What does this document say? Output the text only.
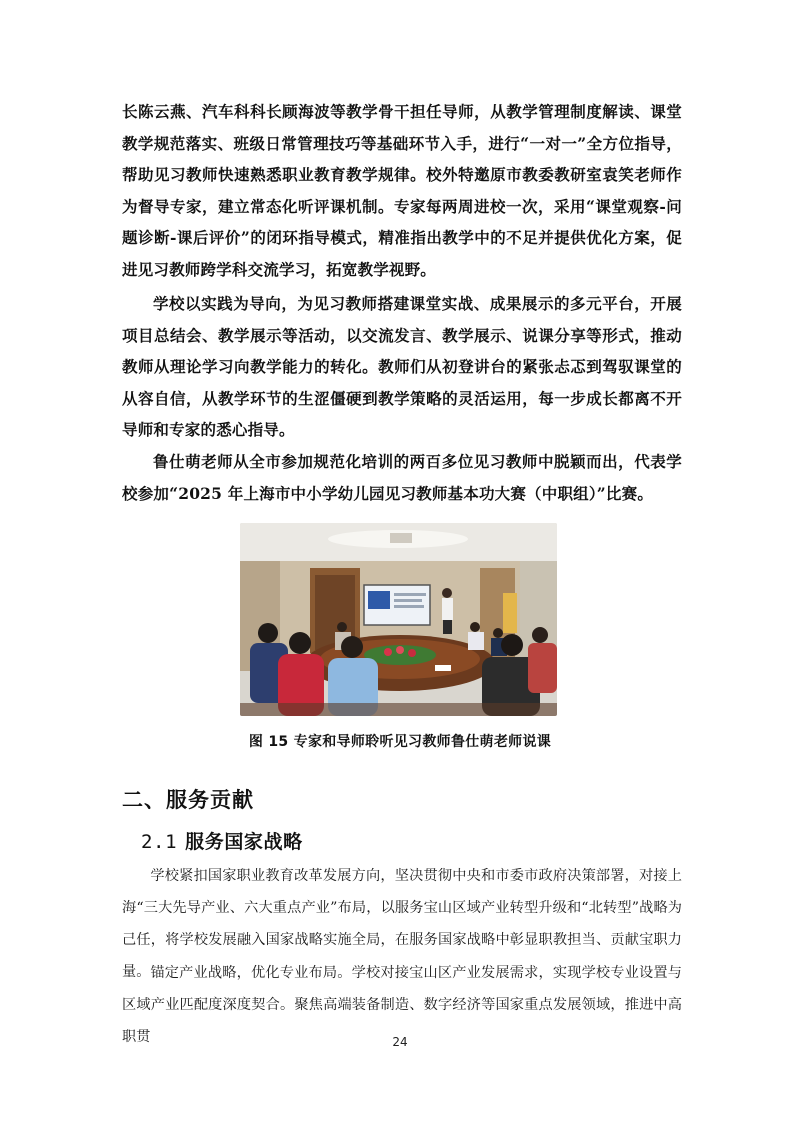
长陈云燕、汽车科科长顾海波等教学骨干担任导师，从教学管理制度解读、课堂教学规范落实、班级日常管理技巧等基础环节入手，进行“一对一”全方位指导，帮助见习教师快速熟悉职业教育教学规律。校外特邀原市教委教研室袁笑老师作为督导专家，建立常态化听评课机制。专家每两周进校一次，采用“课堂观察-问题诊断-课后评价”的闭环指导模式，精准指出教学中的不足并提供优化方案，促进见习教师跨学科交流学习，拓宽教学视野。

学校以实践为导向，为见习教师搭建课堂实战、成果展示的多元平台，开展项目总结会、教学展示等活动，以交流发言、教学展示、说课分享等形式，推动教师从理论学习向教学能力的转化。教师们从初登讲台的紧张忐忑到驾驭课堂的从容自信，从教学环节的生涩僵硬到教学策略的灵活运用，每一步成长都离不开导师和专家的悉心指导。

鲁仕萌老师从全市参加规范化培训的两百多位见习教师中脱颖而出，代表学校参加“2025 年上海市中小学幼儿园见习教师基本功大赛（中职组）”比赛。

图 15 专家和导师聆听见习教师鲁仕萌老师说课
二、服务贡献
2.1 服务国家战略

学校紧扣国家职业教育改革发展方向，坚决贯彻中央和市委市政府决策部署，对接上海“三大先导产业、六大重点产业”布局，以服务宝山区域产业转型升级和“北转型”战略为己任，将学校发展融入国家战略实施全局，在服务国家战略中彰显职教担当、贡献宝职力量。 锚定产业战略，优化专业布局。学校对接宝山区产业发展需求，实现学校专业设置与区域产业匹配度深度契合。聚焦高端装备制造、数字经济等国家重点发展领域，推进中高职贯	24
